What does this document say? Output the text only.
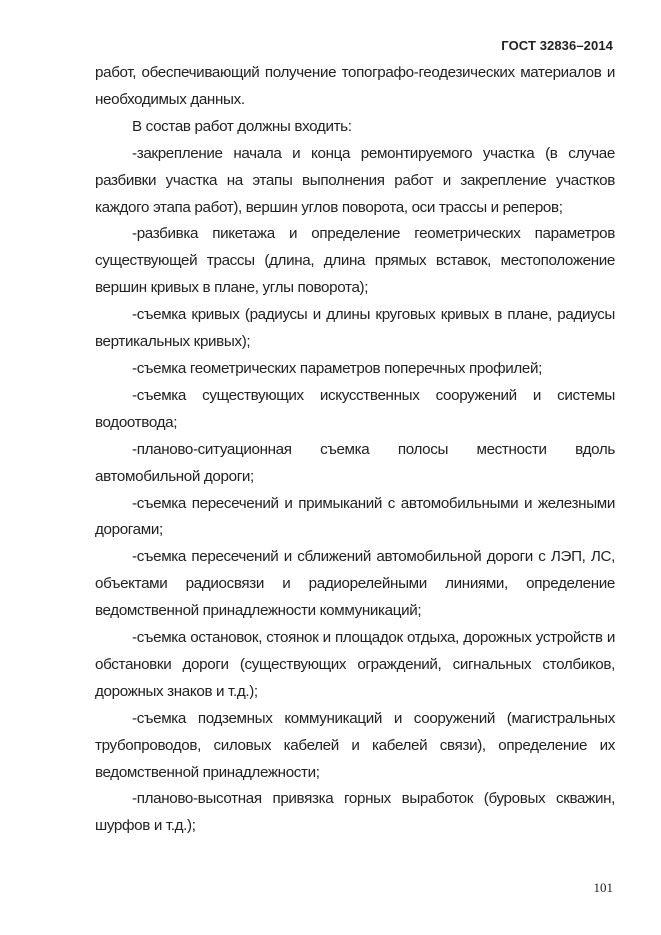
ГОСТ 32836–2014

работ, обеспечивающий получение топографо-геодезических материалов и необходимых данных.

В состав работ должны входить:

-закрепление начала и конца ремонтируемого участка (в случае разбивки участка на этапы выполнения работ и закрепление участков каждого этапа работ), вершин углов поворота, оси трассы и реперов;

-разбивка пикетажа и определение геометрических параметров существующей трассы (длина, длина прямых вставок, местоположение вершин кривых в плане, углы поворота);

-съемка кривых (радиусы и длины круговых кривых в плане, радиусы вертикальных кривых);

-съемка геометрических параметров поперечных профилей;

-съемка существующих искусственных сооружений и системы водоотвода;

-планово-ситуационная съемка полосы местности вдоль автомобильной дороги;

-съемка пересечений и примыканий с автомобильными и железными дорогами;

-съемка пересечений и сближений автомобильной дороги с ЛЭП, ЛС, объектами радиосвязи и радиорелейными линиями, определение ведомственной принадлежности коммуникаций;

-съемка остановок, стоянок и площадок отдыха, дорожных устройств и обстановки дороги (существующих ограждений, сигнальных столбиков, дорожных знаков и т.д.);

-съемка подземных коммуникаций и сооружений (магистральных трубопроводов, силовых кабелей и кабелей связи), определение их ведомственной принадлежности;

-планово-высотная привязка горных выработок (буровых скважин, шурфов и т.д.);

101
